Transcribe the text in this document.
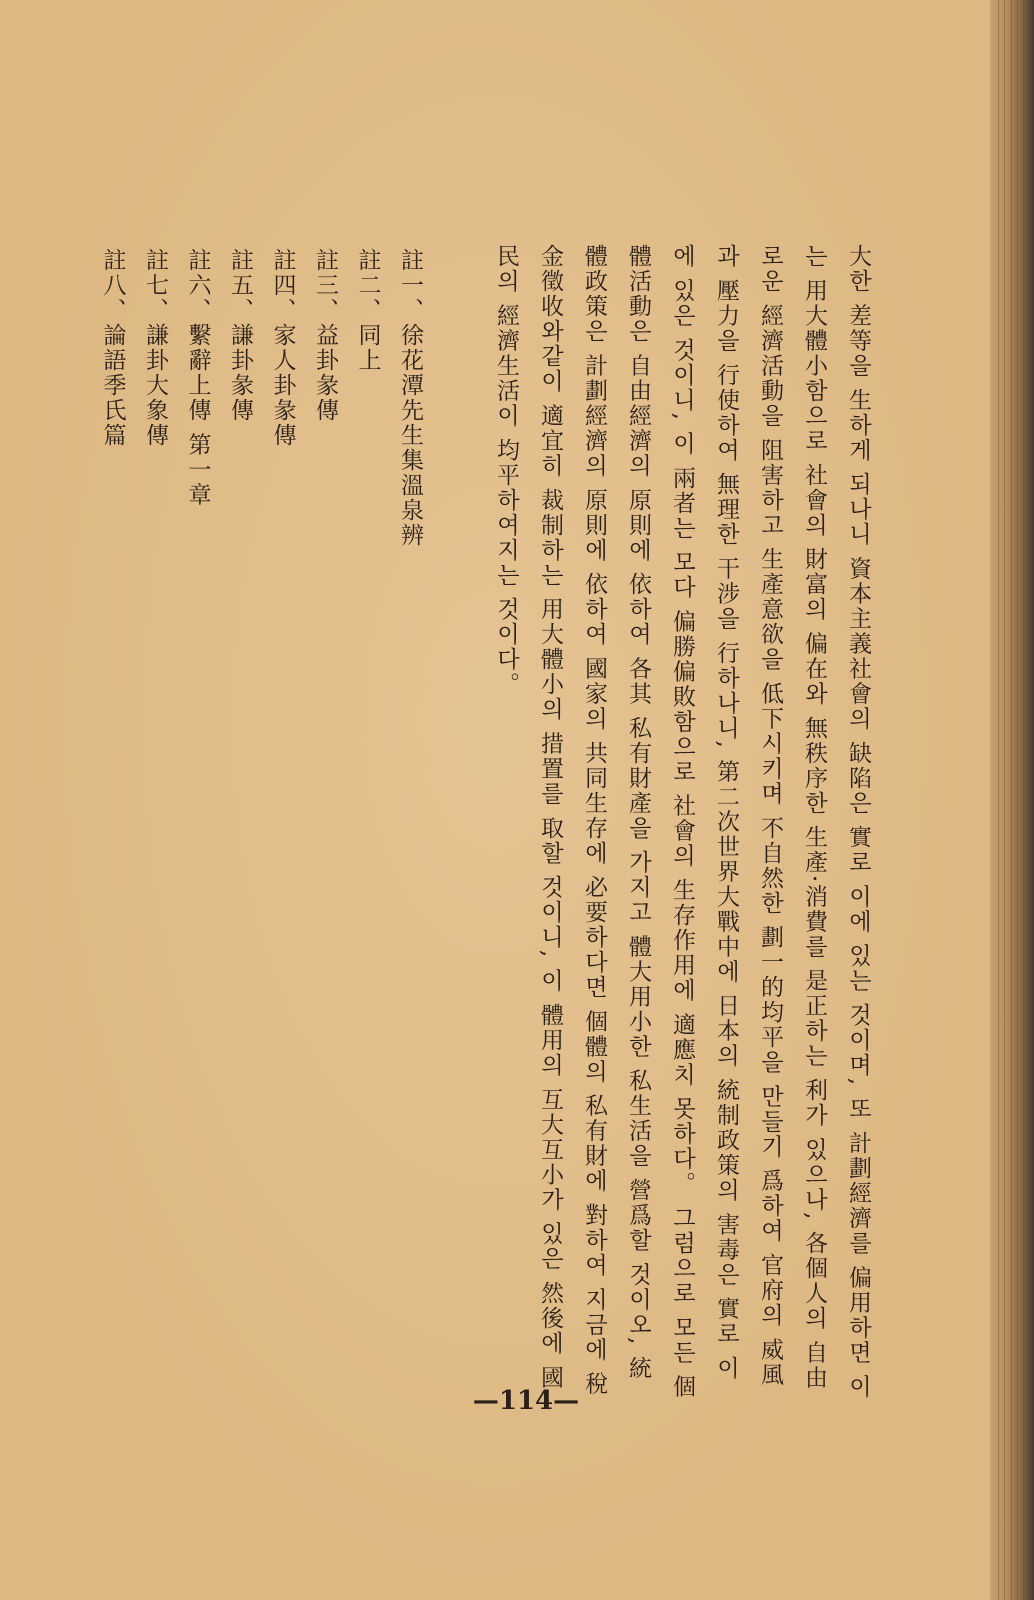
大한 差等을 生하게 되나니 資本主義社會의 缺陷은 實로 이에 있는 것이며, 또 計劃經濟를 偏用하면 이는 用大體小함으로 社會의 財富의 偏在와 無秩序한 生產·消費를 是正하는 利가 있으나, 各個人의 自由로운 經濟活動을 阻害하고 生產意欲을 低下시키며 不自然한 劃一的均平을 만들기 爲하여 官府의 威風과 壓力을 行使하여 無理한 干涉을 行하나니, 第二次世界大戰中에 日本의 統制政策의 害毒은 實로 이에 있은 것이니, 이 兩者는 모다 偏勝偏敗함으로 社會의 生存作用에 適應치 못하다。 그럼으로 모든 個體活動은 自由經濟의 原則에 依하여 各其 私有財產을 가지고 體大用小한 私生活을 營爲할 것이오, 統體政策은 計劃經濟의 原則에 依하여 國家의 共同生存에 必要하다면 個體의 私有財에 對하여 지금에 稅金徵收와같이 適宜히 裁制하는 用大體小의 措置를 取할 것이니, 이 體用의 互大互小가 있은 然後에 國民의 經濟生活이 均平하여지는 것이다。

註一、徐花潭先生集溫泉辨
註二、同上
註三、益卦彖傳
註四、家人卦彖傳
註五、謙卦彖傳
註六、繫辭上傳 第一章
註七、謙卦大象傳
註八、論語季氏篇
—114—
